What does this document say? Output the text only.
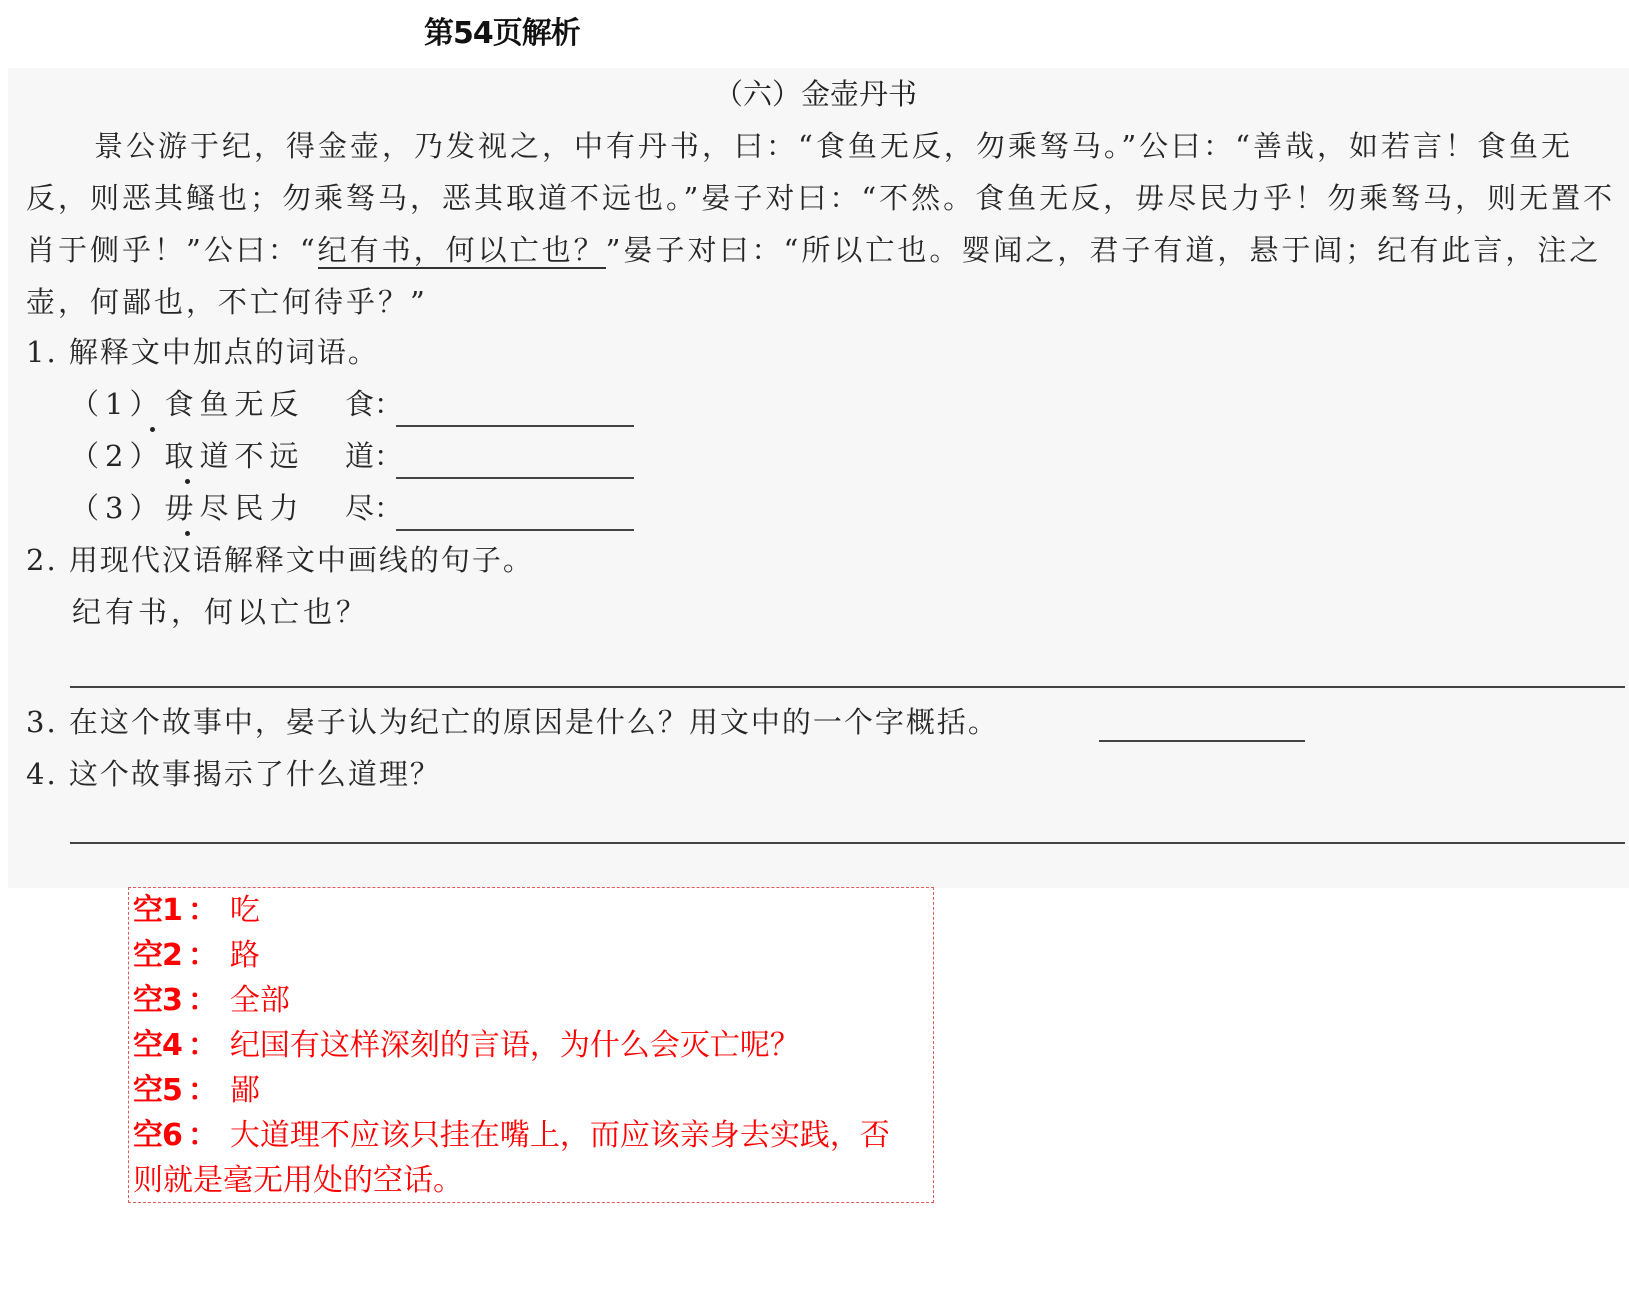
第54页解析
（六）金壶丹书

景公游于纪，得金壶，乃发视之，中有丹书，曰：“食鱼无反，勿乘驽马。”公曰：“善哉，如若言！食鱼无反，则恶其鳋也；勿乘驽马，恶其取道不远也。”晏子对曰：“不然。食鱼无反，毋尽民力乎！勿乘驽马，则无置不肖于侧乎！”公曰：“纪有书，何以亡也？”晏子对曰：“所以亡也。婴闻之，君子有道，悬于闾；纪有此言，注之壶，何鄙也，不亡何待乎？”

1. 解释文中加点的词语。
（1）食鱼无反 食：
（2）取道不远 道：
（3）毋尽民力 尽：
2. 用现代汉语解释文中画线的句子。
纪有书，何以亡也？
3. 在这个故事中，晏子认为纪亡的原因是什么？用文中的一个字概括。
4. 这个故事揭示了什么道理？
空1 ： 吃
空2 ： 路
空3 ： 全部
空4 ： 纪国有这样深刻的言语，为什么会灭亡呢？
空5 ： 鄙
空6 ： 大道理不应该只挂在嘴上，而应该亲身去实践，否则就是毫无用处的空话。
